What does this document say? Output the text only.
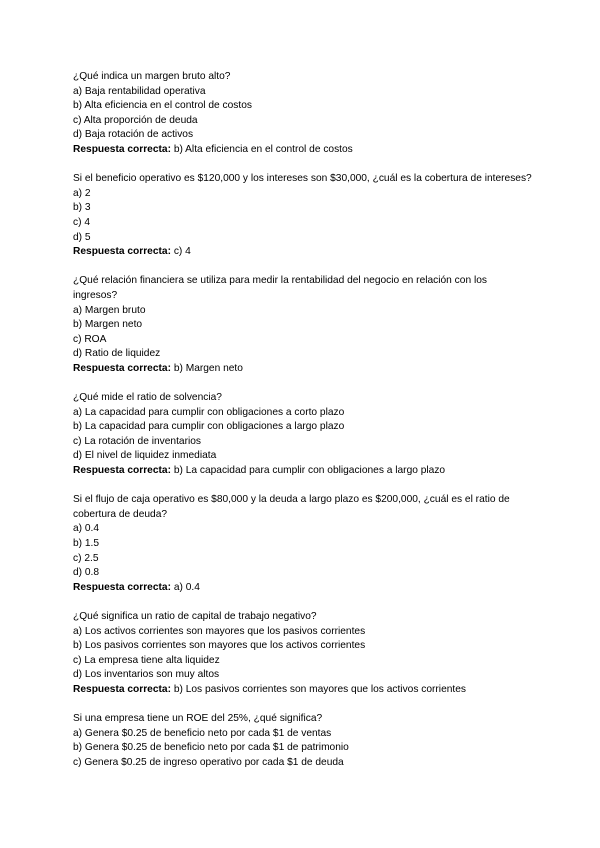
¿Qué indica un margen bruto alto?
a) Baja rentabilidad operativa
b) Alta eficiencia en el control de costos
c) Alta proporción de deuda
d) Baja rotación de activos
Respuesta correcta: b) Alta eficiencia en el control de costos
Si el beneficio operativo es $120,000 y los intereses son $30,000, ¿cuál es la cobertura de intereses?
a) 2
b) 3
c) 4
d) 5
Respuesta correcta: c) 4
¿Qué relación financiera se utiliza para medir la rentabilidad del negocio en relación con los ingresos?
a) Margen bruto
b) Margen neto
c) ROA
d) Ratio de liquidez
Respuesta correcta: b) Margen neto
¿Qué mide el ratio de solvencia?
a) La capacidad para cumplir con obligaciones a corto plazo
b) La capacidad para cumplir con obligaciones a largo plazo
c) La rotación de inventarios
d) El nivel de liquidez inmediata
Respuesta correcta: b) La capacidad para cumplir con obligaciones a largo plazo
Si el flujo de caja operativo es $80,000 y la deuda a largo plazo es $200,000, ¿cuál es el ratio de cobertura de deuda?
a) 0.4
b) 1.5
c) 2.5
d) 0.8
Respuesta correcta: a) 0.4
¿Qué significa un ratio de capital de trabajo negativo?
a) Los activos corrientes son mayores que los pasivos corrientes
b) Los pasivos corrientes son mayores que los activos corrientes
c) La empresa tiene alta liquidez
d) Los inventarios son muy altos
Respuesta correcta: b) Los pasivos corrientes son mayores que los activos corrientes
Si una empresa tiene un ROE del 25%, ¿qué significa?
a) Genera $0.25 de beneficio neto por cada $1 de ventas
b) Genera $0.25 de beneficio neto por cada $1 de patrimonio
c) Genera $0.25 de ingreso operativo por cada $1 de deuda
